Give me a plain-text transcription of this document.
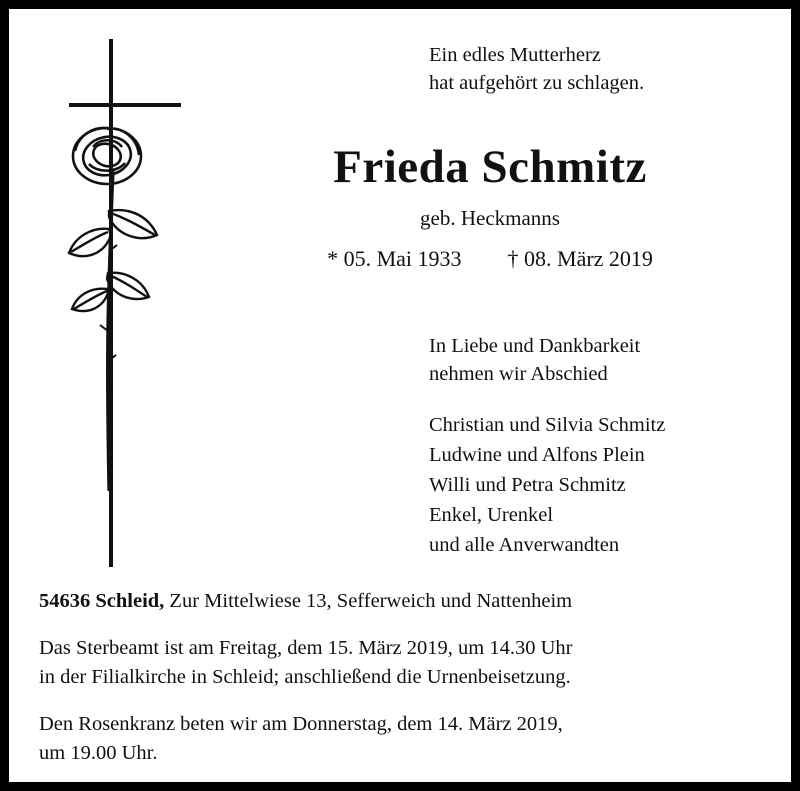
Ein edles Mutterherz
hat aufgehört zu schlagen.
Frieda Schmitz
geb. Heckmanns
* 05. Mai 1933 † 08. März 2019
In Liebe und Dankbarkeit
nehmen wir Abschied
Christian und Silvia Schmitz
Ludwine und Alfons Plein
Willi und Petra Schmitz
Enkel, Urenkel
und alle Anverwandten
54636 Schleid, Zur Mittelwiese 13, Sefferweich und Nattenheim
Das Sterbeamt ist am Freitag, dem 15. März 2019, um 14.30 Uhr
in der Filialkirche in Schleid; anschließend die Urnenbeisetzung.
Den Rosenkranz beten wir am Donnerstag, dem 14. März 2019,
um 19.00 Uhr.
